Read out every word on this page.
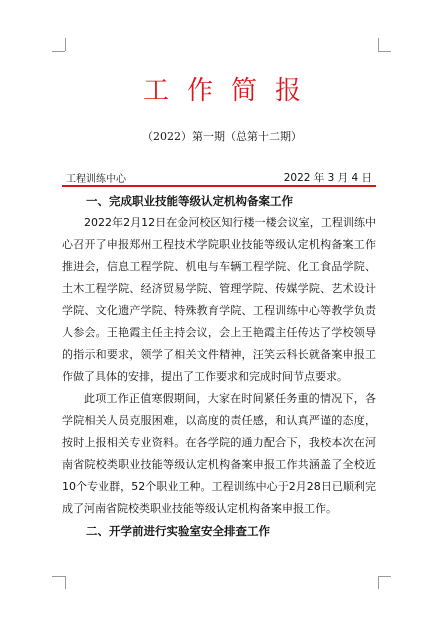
工作简报
（2022）第一期（总第十二期）
工程训练中心	2022 年 3 月 4 日
一、完成职业技能等级认定机构备案工作

2022年2月12日在金河校区知行楼一楼会议室，工程训练中心召开了申报郑州工程技术学院职业技能等级认定机构备案工作推进会，信息工程学院、机电与车辆工程学院、化工食品学院、土木工程学院、经济贸易学院、管理学院、传媒学院、艺术设计学院、文化遗产学院、特殊教育学院、工程训练中心等教学负责人参会。王艳霞主任主持会议，会上王艳霞主任传达了学校领导的指示和要求，领学了相关文件精神，汪笑云科长就备案申报工作做了具体的安排，提出了工作要求和完成时间节点要求。

此项工作正值寒假期间，大家在时间紧任务重的情况下，各学院相关人员克服困难，以高度的责任感，和认真严谨的态度，按时上报相关专业资料。在各学院的通力配合下，我校本次在河南省院校类职业技能等级认定机构备案申报工作共涵盖了全校近10个专业群，52个职业工种。工程训练中心于2月28日已顺利完成了河南省院校类职业技能等级认定机构备案申报工作。

二、开学前进行实验室安全排查工作
